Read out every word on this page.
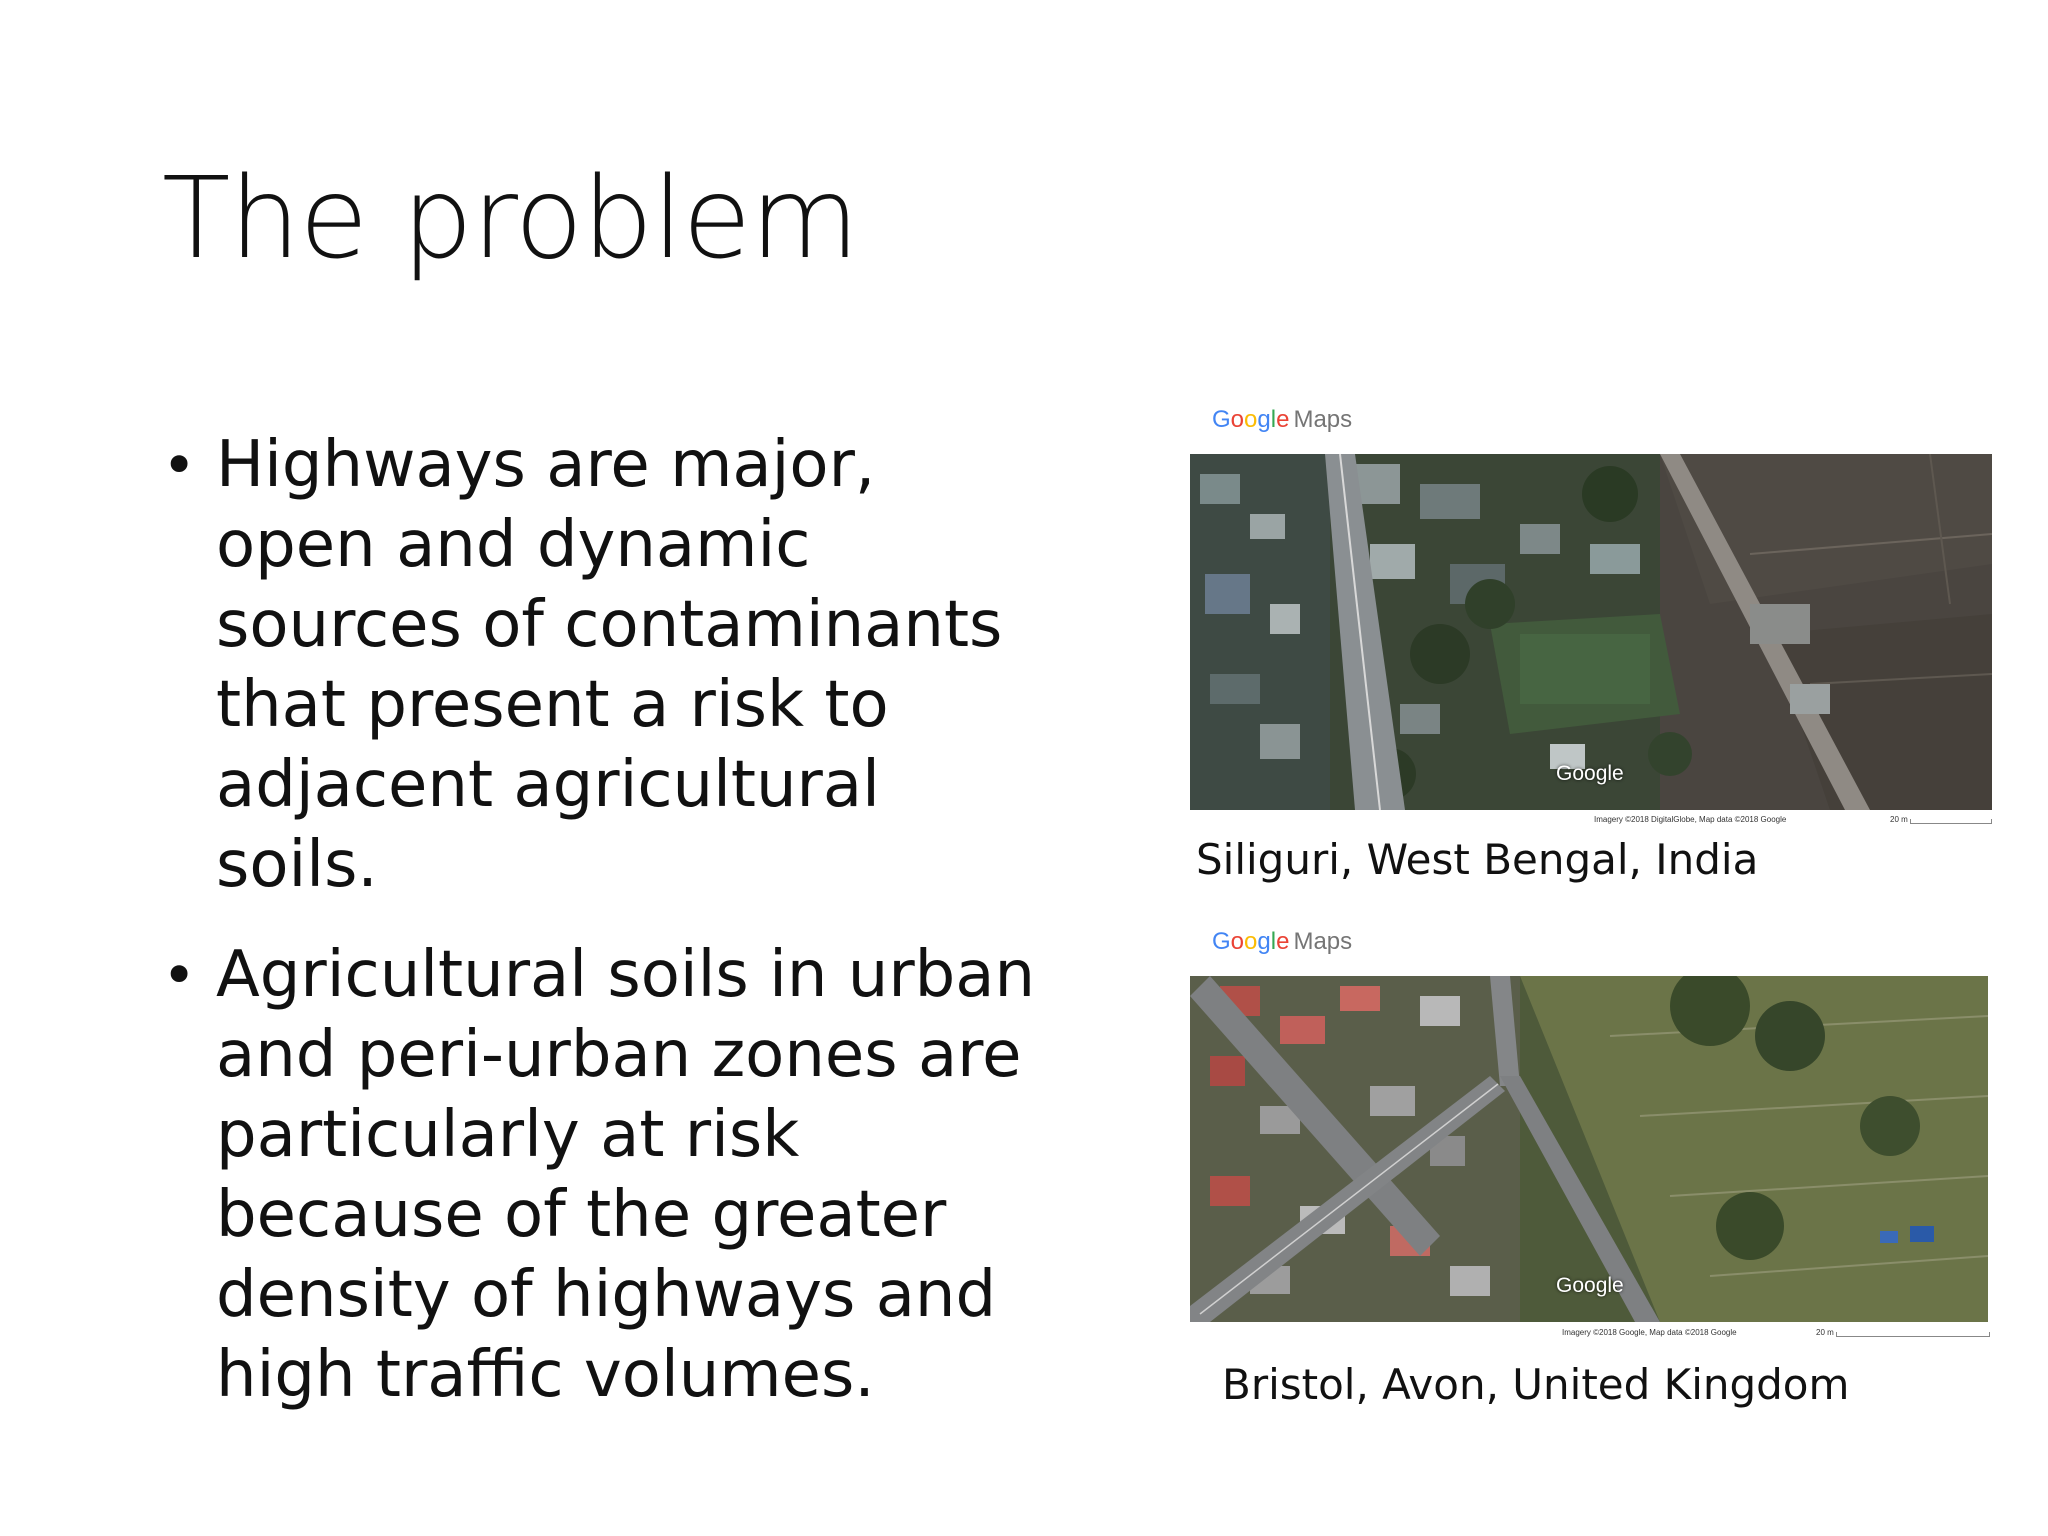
The problem
• Highways are major, open and dynamic sources of contaminants that present a risk to adjacent agricultural soils.
• Agricultural soils in urban and peri-urban zones are particularly at risk because of the greater density of highways and high traffic volumes.
Google Maps
Google
Imagery ©2018 DigitalGlobe, Map data ©2018 Google	20 m
Siliguri, West Bengal, India
Google Maps
Google
Imagery ©2018 Google, Map data ©2018 Google	20 m
Bristol, Avon, United Kingdom
